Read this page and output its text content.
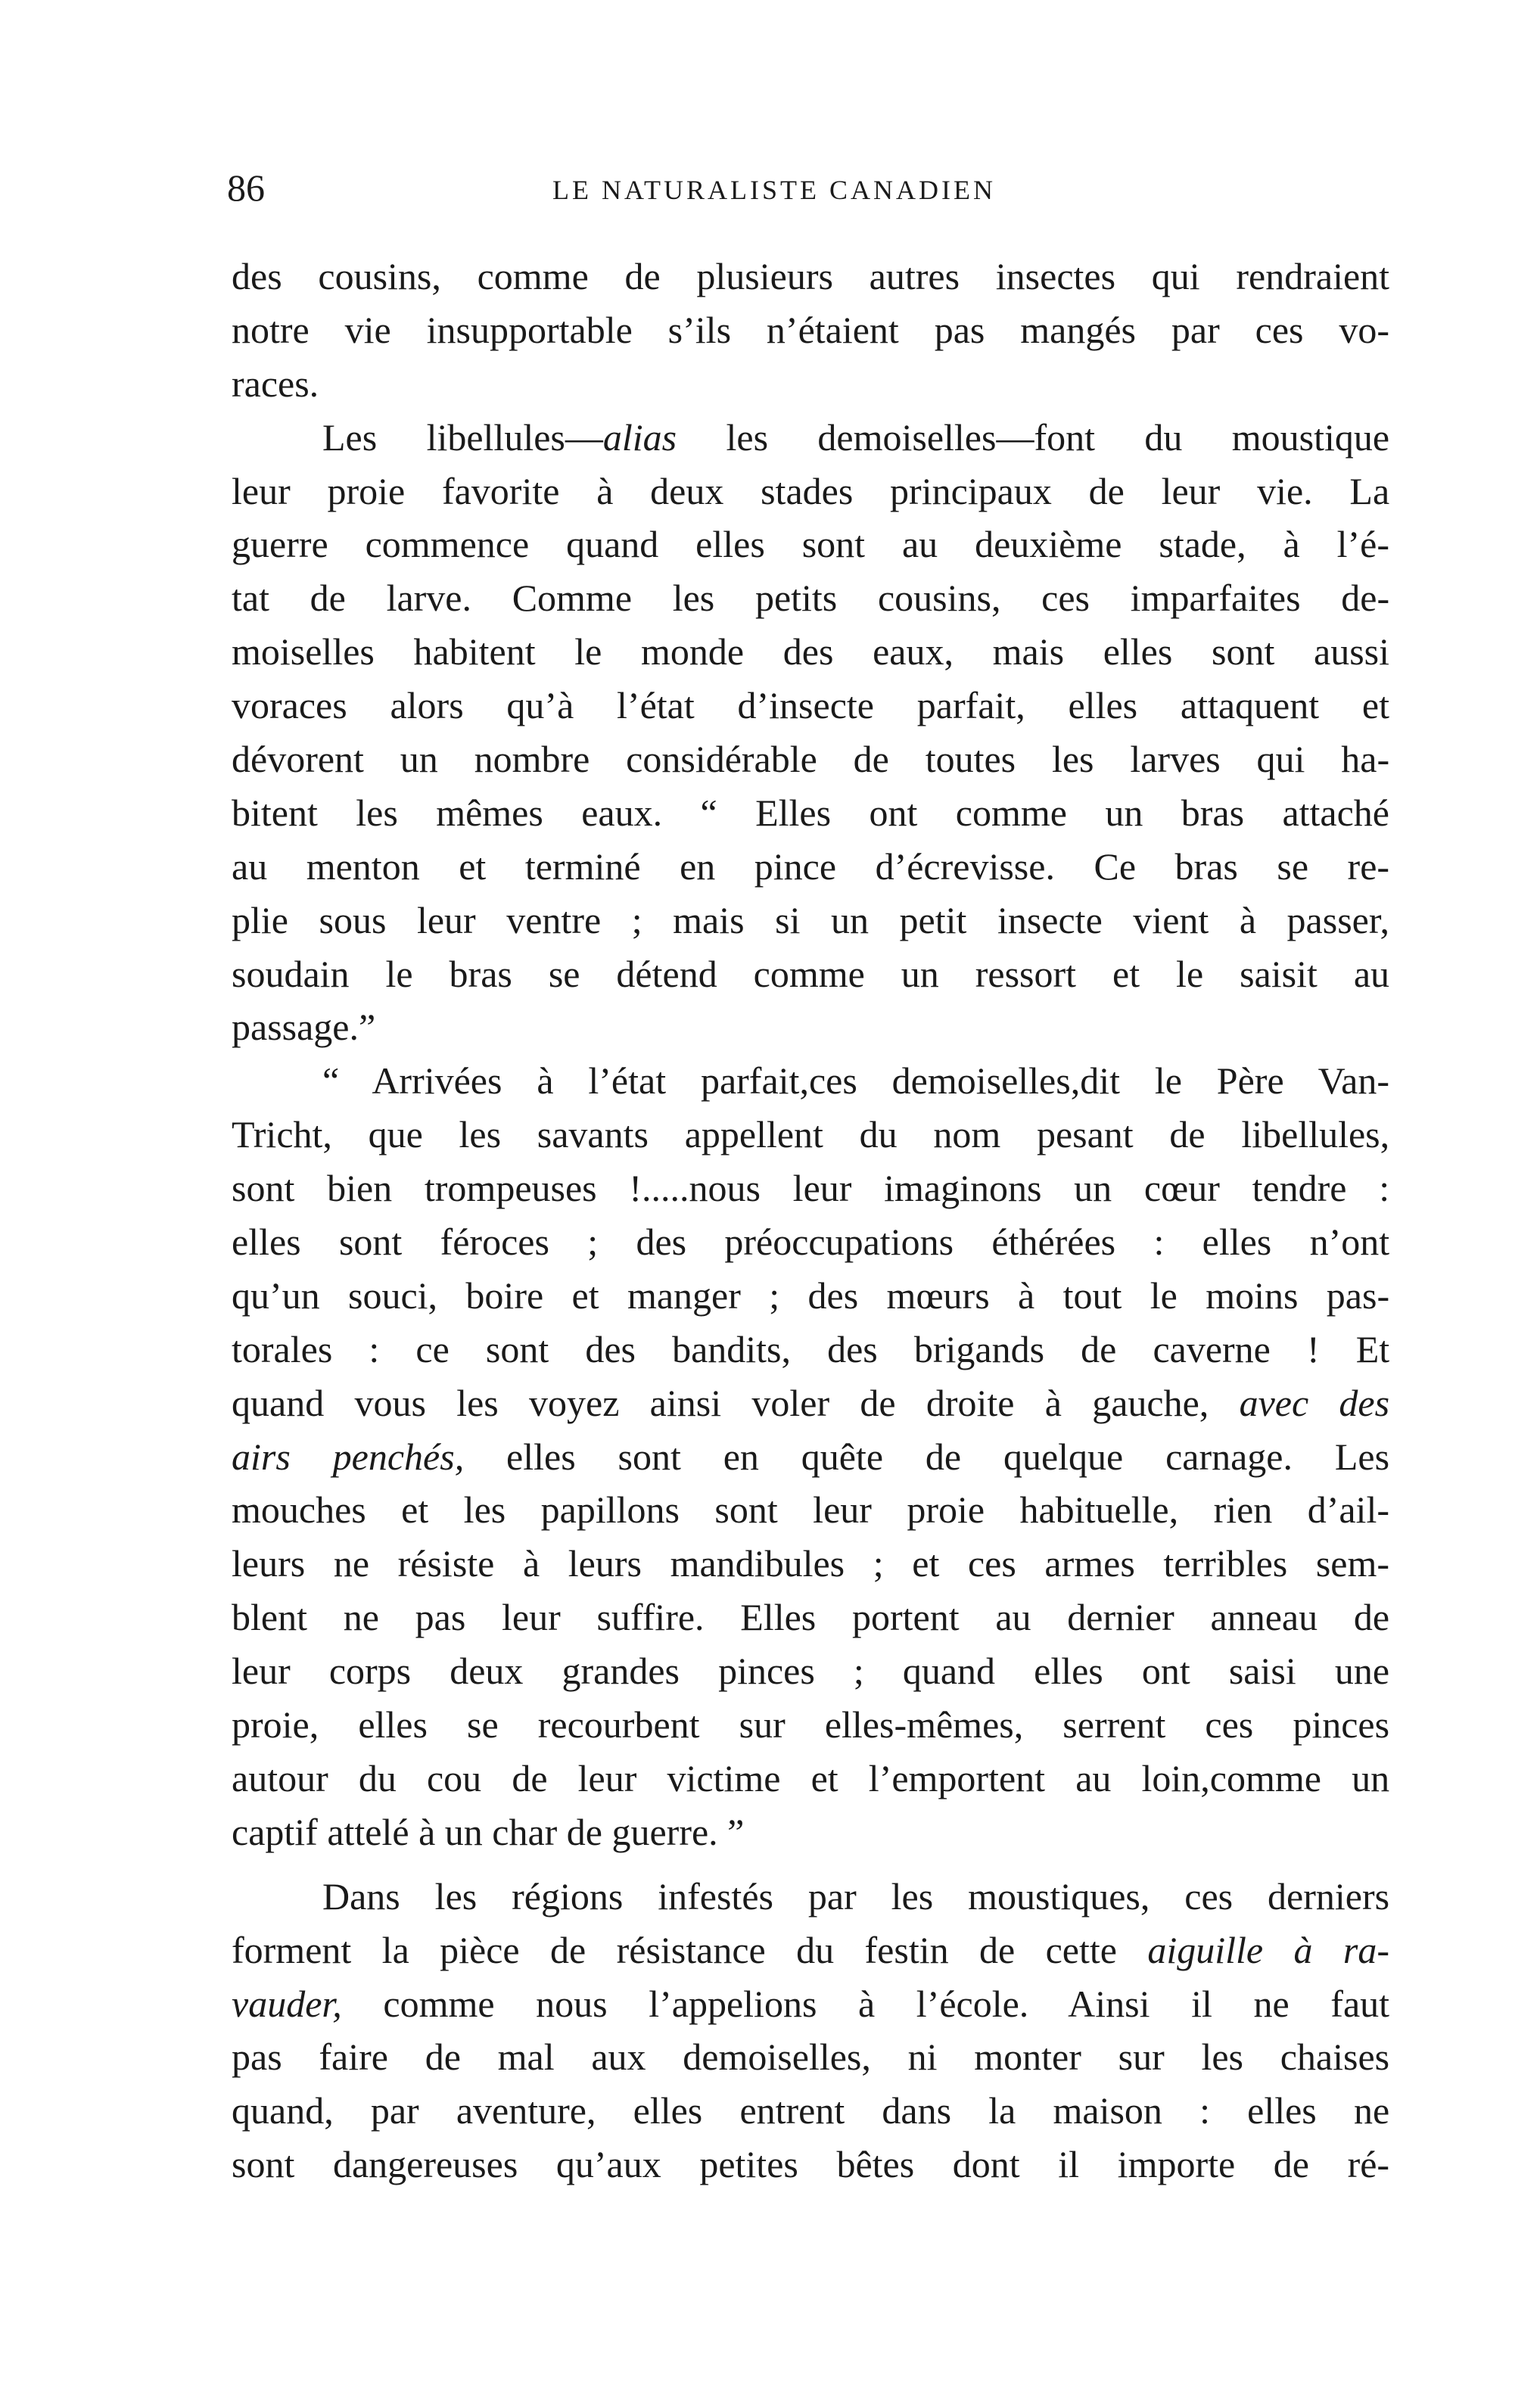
86	LE NATURALISTE CANADIEN
des cousins, comme de plusieurs autres insectes qui rendraient
notre vie insupportable s’ils n’étaient pas mangés par ces vo-
races.
Les libellules—alias les demoiselles—font du moustique
leur proie favorite à deux stades principaux de leur vie. La
guerre commence quand elles sont au deuxième stade, à l’é-
tat de larve. Comme les petits cousins, ces imparfaites de-
moiselles habitent le monde des eaux, mais elles sont aussi
voraces alors qu’à l’état d’insecte parfait, elles attaquent et
dévorent un nombre considérable de toutes les larves qui ha-
bitent les mêmes eaux. “ Elles ont comme un bras attaché
au menton et terminé en pince d’écrevisse. Ce bras se re-
plie sous leur ventre ; mais si un petit insecte vient à passer,
soudain le bras se détend comme un ressort et le saisit au
passage.”
“ Arrivées à l’état parfait,ces demoiselles,dit le Père Van-
Tricht, que les savants appellent du nom pesant de libellules,
sont bien trompeuses !.....nous leur imaginons un cœur tendre :
elles sont féroces ; des préoccupations éthérées : elles n’ont
qu’un souci, boire et manger ; des mœurs à tout le moins pas-
torales : ce sont des bandits, des brigands de caverne ! Et
quand vous les voyez ainsi voler de droite à gauche, avec des
airs penchés, elles sont en quête de quelque carnage. Les
mouches et les papillons sont leur proie habituelle, rien d’ail-
leurs ne résiste à leurs mandibules ; et ces armes terribles sem-
blent ne pas leur suffire. Elles portent au dernier anneau de
leur corps deux grandes pinces ; quand elles ont saisi une
proie, elles se recourbent sur elles-mêmes, serrent ces pinces
autour du cou de leur victime et l’emportent au loin,comme un
captif attelé à un char de guerre. ”
Dans les régions infestés par les moustiques, ces derniers
forment la pièce de résistance du festin de cette aiguille à ra-
vauder, comme nous l’appelions à l’école. Ainsi il ne faut
pas faire de mal aux demoiselles, ni monter sur les chaises
quand, par aventure, elles entrent dans la maison : elles ne
sont dangereuses qu’aux petites bêtes dont il importe de ré-
